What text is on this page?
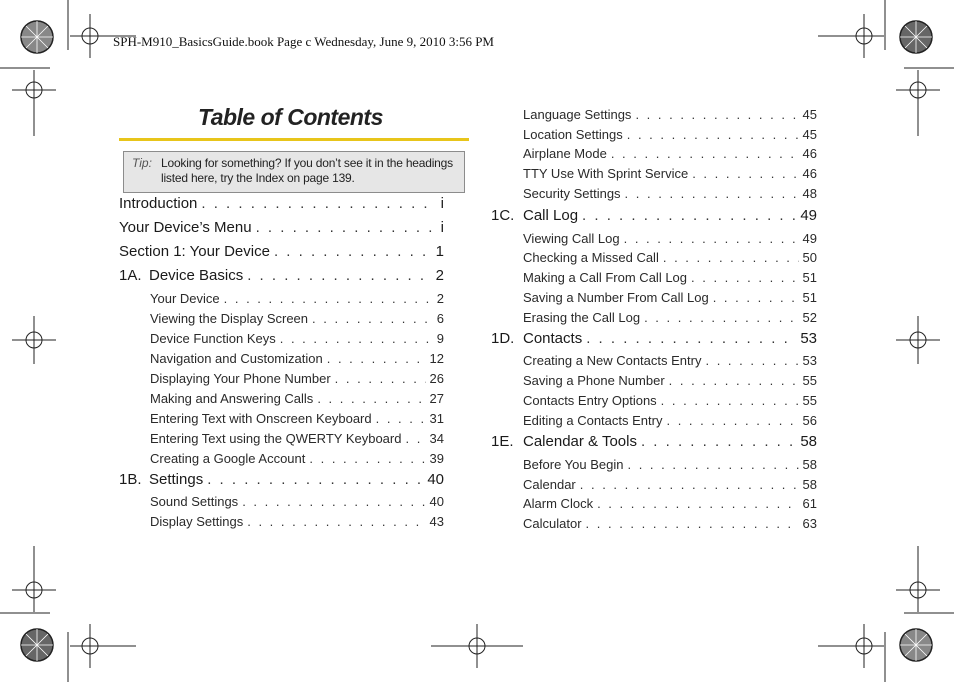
SPH-M910_BasicsGuide.book Page c Wednesday, June 9, 2010 3:56 PM
Table of Contents
Tip: Looking for something? If you don’t see it in the headings listed here, try the Index on page 139.
Introduction . . .	i
Your Device’s Menu . . .	i
Section 1: Your Device . . .	1
1A. Device Basics . . .	2
Your Device . . .	2
Viewing the Display Screen . . .	6
Device Function Keys . . .	9
Navigation and Customization . . .	12
Displaying Your Phone Number . . .	26
Making and Answering Calls . . .	27
Entering Text with Onscreen Keyboard . . .	31
Entering Text using the QWERTY Keyboard . . .	34
Creating a Google Account . . .	39
1B. Settings . . .	40
Sound Settings . . .	40
Display Settings . . .	43
Language Settings . . .	45
Location Settings . . .	45
Airplane Mode . . .	46
TTY Use With Sprint Service . . .	46
Security Settings . . .	48
1C. Call Log . . .	49
Viewing Call Log . . .	49
Checking a Missed Call . . .	50
Making a Call From Call Log . . .	51
Saving a Number From Call Log . . .	51
Erasing the Call Log . . .	52
1D. Contacts . . .	53
Creating a New Contacts Entry . . .	53
Saving a Phone Number . . .	55
Contacts Entry Options . . .	55
Editing a Contacts Entry . . .	56
1E. Calendar & Tools . . .	58
Before You Begin . . .	58
Calendar . . .	58
Alarm Clock . . .	61
Calculator . . .	63
